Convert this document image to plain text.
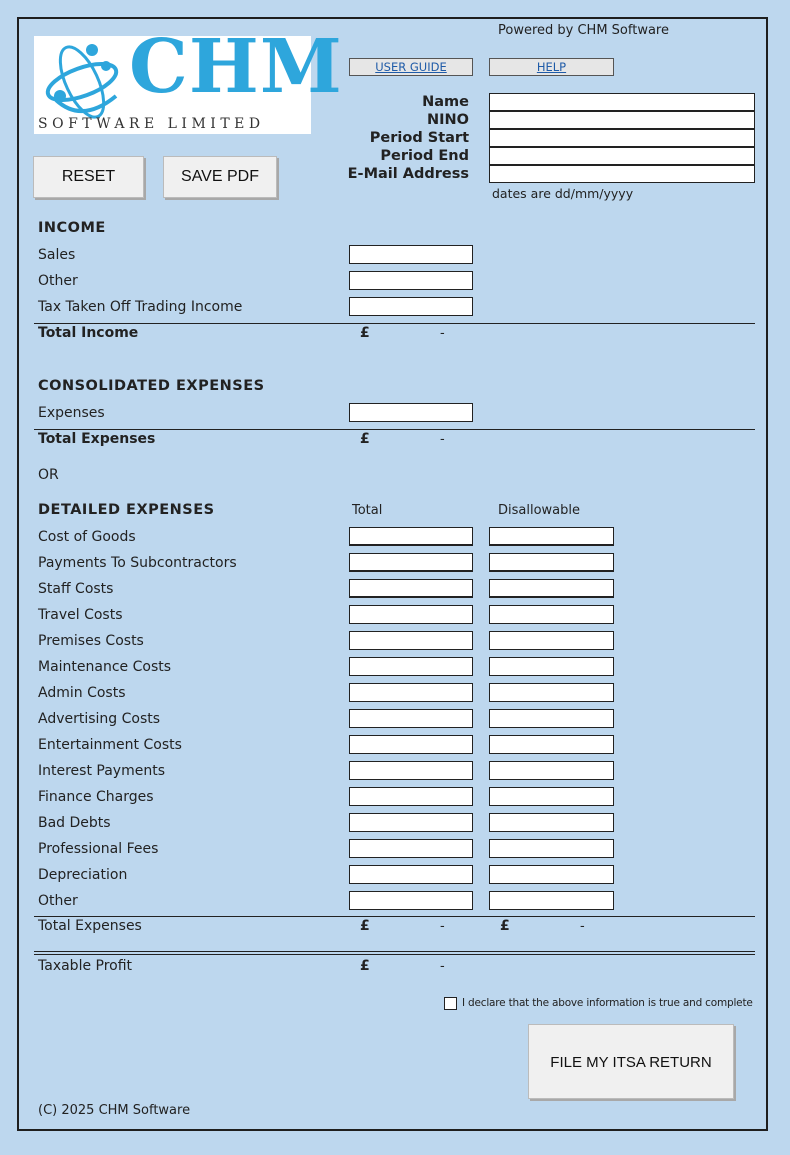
CHM
SOFTWARE LIMITED
Powered by CHM Software
USER GUIDE	HELP
RESET	SAVE PDF
Name
NINO
Period Start
Period End
E-Mail Address
dates are dd/mm/yyyy
INCOME
Sales
Other
Tax Taken Off Trading Income
Total Income	£	-
CONSOLIDATED EXPENSES
Expenses
Total Expenses	£	-
OR
DETAILED EXPENSES	Total	Disallowable
Cost of Goods
Payments To Subcontractors
Staff Costs
Travel Costs
Premises Costs
Maintenance Costs
Admin Costs
Advertising Costs
Entertainment Costs
Interest Payments
Finance Charges
Bad Debts
Professional Fees
Depreciation
Other
Total Expenses	£	-	£	-
Taxable Profit	£	-
I declare that the above information is true and complete
FILE MY ITSA RETURN
(C) 2025 CHM Software
